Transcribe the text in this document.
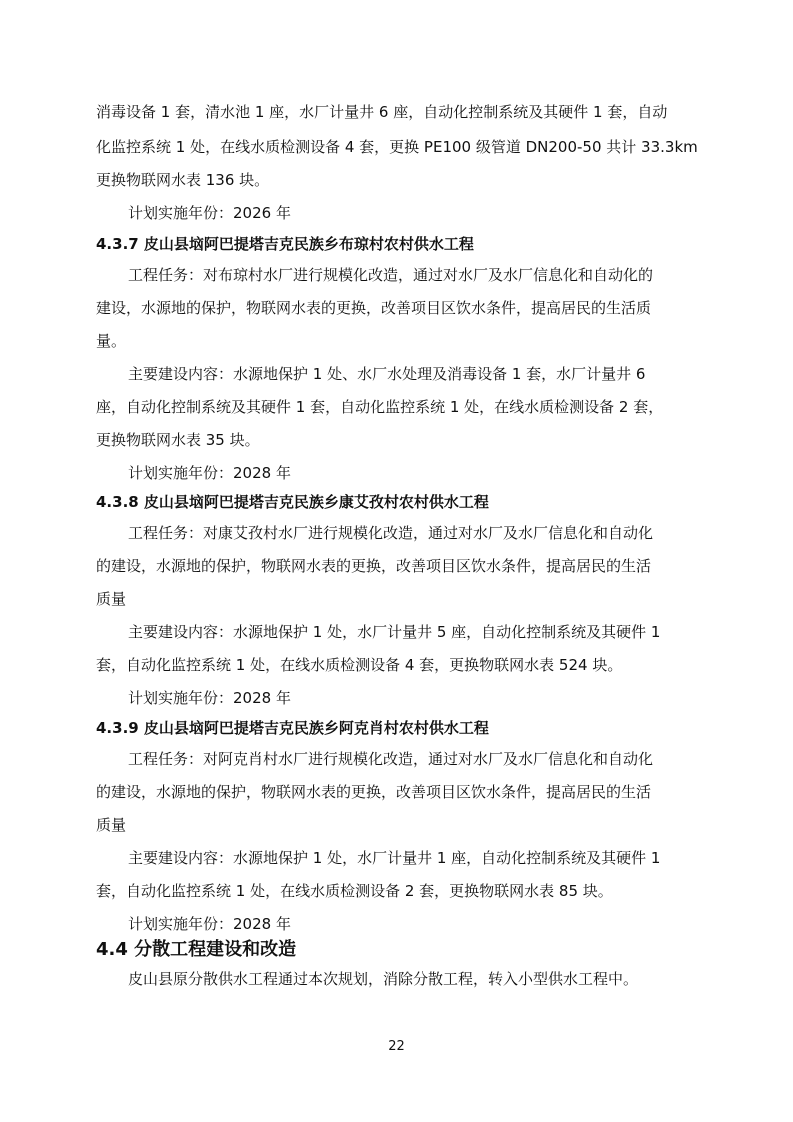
消毒设备 1 套，清水池 1 座，水厂计量井 6 座，自动化控制系统及其硬件 1 套，自动
化监控系统 1 处，在线水质检测设备 4 套，更换 PE100 级管道 DN200-50 共计 33.3km
更换物联网水表 136 块。
计划实施年份：2026 年
4.3.7 皮山县垴阿巴提塔吉克民族乡布琼村农村供水工程
工程任务：对布琼村水厂进行规模化改造，通过对水厂及水厂信息化和自动化的
建设，水源地的保护，物联网水表的更换，改善项目区饮水条件，提高居民的生活质
量。
主要建设内容：水源地保护 1 处、水厂水处理及消毒设备 1 套，水厂计量井 6
座，自动化控制系统及其硬件 1 套，自动化监控系统 1 处，在线水质检测设备 2 套，
更换物联网水表 35 块。
计划实施年份：2028 年
4.3.8 皮山县垴阿巴提塔吉克民族乡康艾孜村农村供水工程
工程任务：对康艾孜村水厂进行规模化改造，通过对水厂及水厂信息化和自动化
的建设，水源地的保护，物联网水表的更换，改善项目区饮水条件，提高居民的生活
质量
主要建设内容：水源地保护 1 处，水厂计量井 5 座，自动化控制系统及其硬件 1
套，自动化监控系统 1 处，在线水质检测设备 4 套，更换物联网水表 524 块。
计划实施年份：2028 年
4.3.9 皮山县垴阿巴提塔吉克民族乡阿克肖村农村供水工程
工程任务：对阿克肖村水厂进行规模化改造，通过对水厂及水厂信息化和自动化
的建设，水源地的保护，物联网水表的更换，改善项目区饮水条件，提高居民的生活
质量
主要建设内容：水源地保护 1 处，水厂计量井 1 座，自动化控制系统及其硬件 1
套，自动化监控系统 1 处，在线水质检测设备 2 套，更换物联网水表 85 块。
计划实施年份：2028 年
4.4 分散工程建设和改造
皮山县原分散供水工程通过本次规划，消除分散工程，转入小型供水工程中。
22
